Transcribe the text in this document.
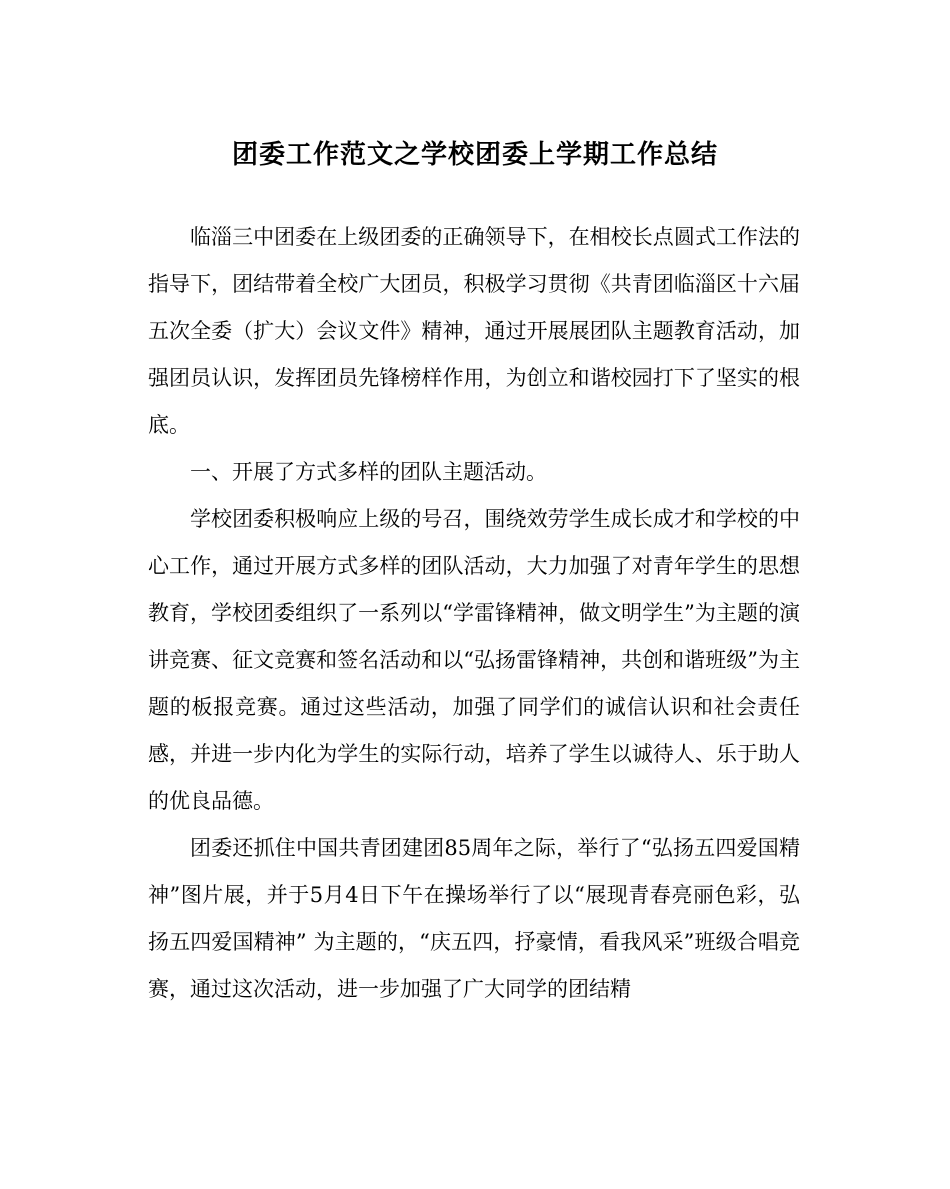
团委工作范文之学校团委上学期工作总结

临淄三中团委在上级团委的正确领导下，在相校长点圆式工作法的指导下，团结带着全校广大团员，积极学习贯彻《共青团临淄区十六届五次全委（扩大）会议文件》精神，通过开展展团队主题教育活动，加强团员认识，发挥团员先锋榜样作用，为创立和谐校园打下了坚实的根底。

一、开展了方式多样的团队主题活动。

学校团委积极响应上级的号召，围绕效劳学生成长成才和学校的中心工作，通过开展方式多样的团队活动，大力加强了对青年学生的思想教育，学校团委组织了一系列以“学雷锋精神，做文明学生”为主题的演讲竞赛、征文竞赛和签名活动和以“弘扬雷锋精神，共创和谐班级”为主题的板报竞赛。通过这些活动，加强了同学们的诚信认识和社会责任感，并进一步内化为学生的实际行动，培养了学生以诚待人、乐于助人的优良品德。

团委还抓住中国共青团建团85周年之际，举行了“弘扬五四爱国精神”图片展，并于5月4日下午在操场举行了以“展现青春亮丽色彩，弘扬五四爱国精神” 为主题的，“庆五四，抒豪情，看我风采”班级合唱竞赛，通过这次活动，进一步加强了广大同学的团结精
